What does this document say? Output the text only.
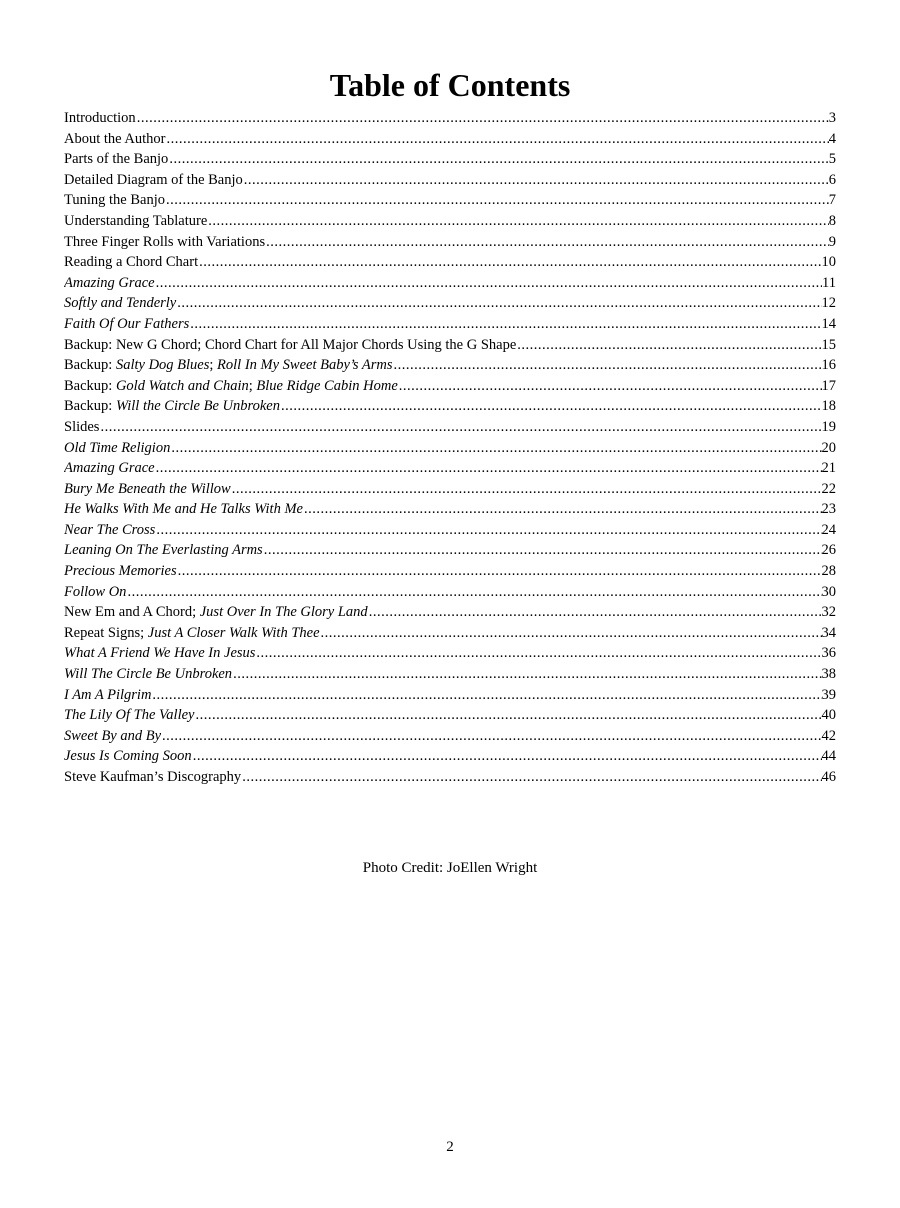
Table of Contents
Introduction .....	3
About the Author .....	4
Parts of the Banjo .....	5
Detailed Diagram of the Banjo .....	6
Tuning the Banjo .....	7
Understanding Tablature .....	8
Three Finger Rolls with Variations .....	9
Reading a Chord Chart .....	10
Amazing Grace .....	11
Softly and Tenderly .....	12
Faith Of Our Fathers .....	14
Backup: New G Chord; Chord Chart for All Major Chords Using the G Shape .....	15
Backup: Salty Dog Blues; Roll In My Sweet Baby’s Arms .....	16
Backup: Gold Watch and Chain; Blue Ridge Cabin Home .....	17
Backup: Will the Circle Be Unbroken .....	18
Slides .....	19
Old Time Religion .....	20
Amazing Grace .....	21
Bury Me Beneath the Willow .....	22
He Walks With Me and He Talks With Me .....	23
Near The Cross .....	24
Leaning On The Everlasting Arms .....	26
Precious Memories .....	28
Follow On .....	30
New Em and A Chord; Just Over In The Glory Land .....	32
Repeat Signs; Just A Closer Walk With Thee .....	34
What A Friend We Have In Jesus .....	36
Will The Circle Be Unbroken .....	38
I Am A Pilgrim .....	39
The Lily Of The Valley .....	40
Sweet By and By .....	42
Jesus Is Coming Soon .....	44
Steve Kaufman’s Discography .....	46
Photo Credit: JoEllen Wright
2
